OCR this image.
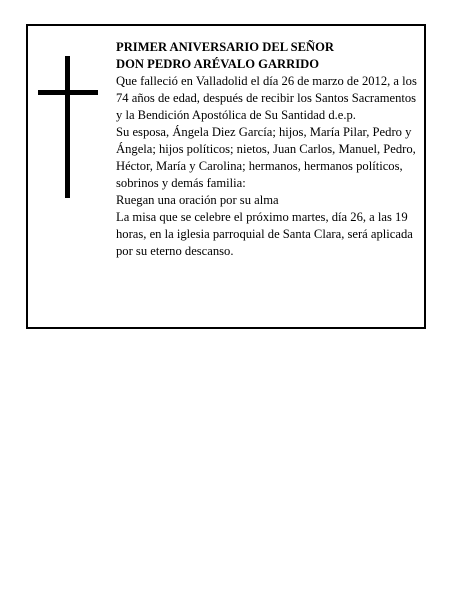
PRIMER ANIVERSARIO DEL SEÑOR
DON PEDRO ARÉVALO GARRIDO

Que falleció en Valladolid el día 26 de marzo de 2012, a los 74 años de edad, después de recibir los Santos Sacramentos y la Bendición Apostólica de Su Santidad d.e.p.

Su esposa, Ángela Diez García; hijos, María Pilar, Pedro y Ángela; hijos políticos; nietos, Juan Carlos, Manuel, Pedro, Héctor, María y Carolina; hermanos, hermanos políticos, sobrinos y demás familia:

Ruegan una oración por su alma

La misa que se celebre el próximo martes, día 26, a las 19 horas, en la iglesia parroquial de Santa Clara, será aplicada por su eterno descanso.
